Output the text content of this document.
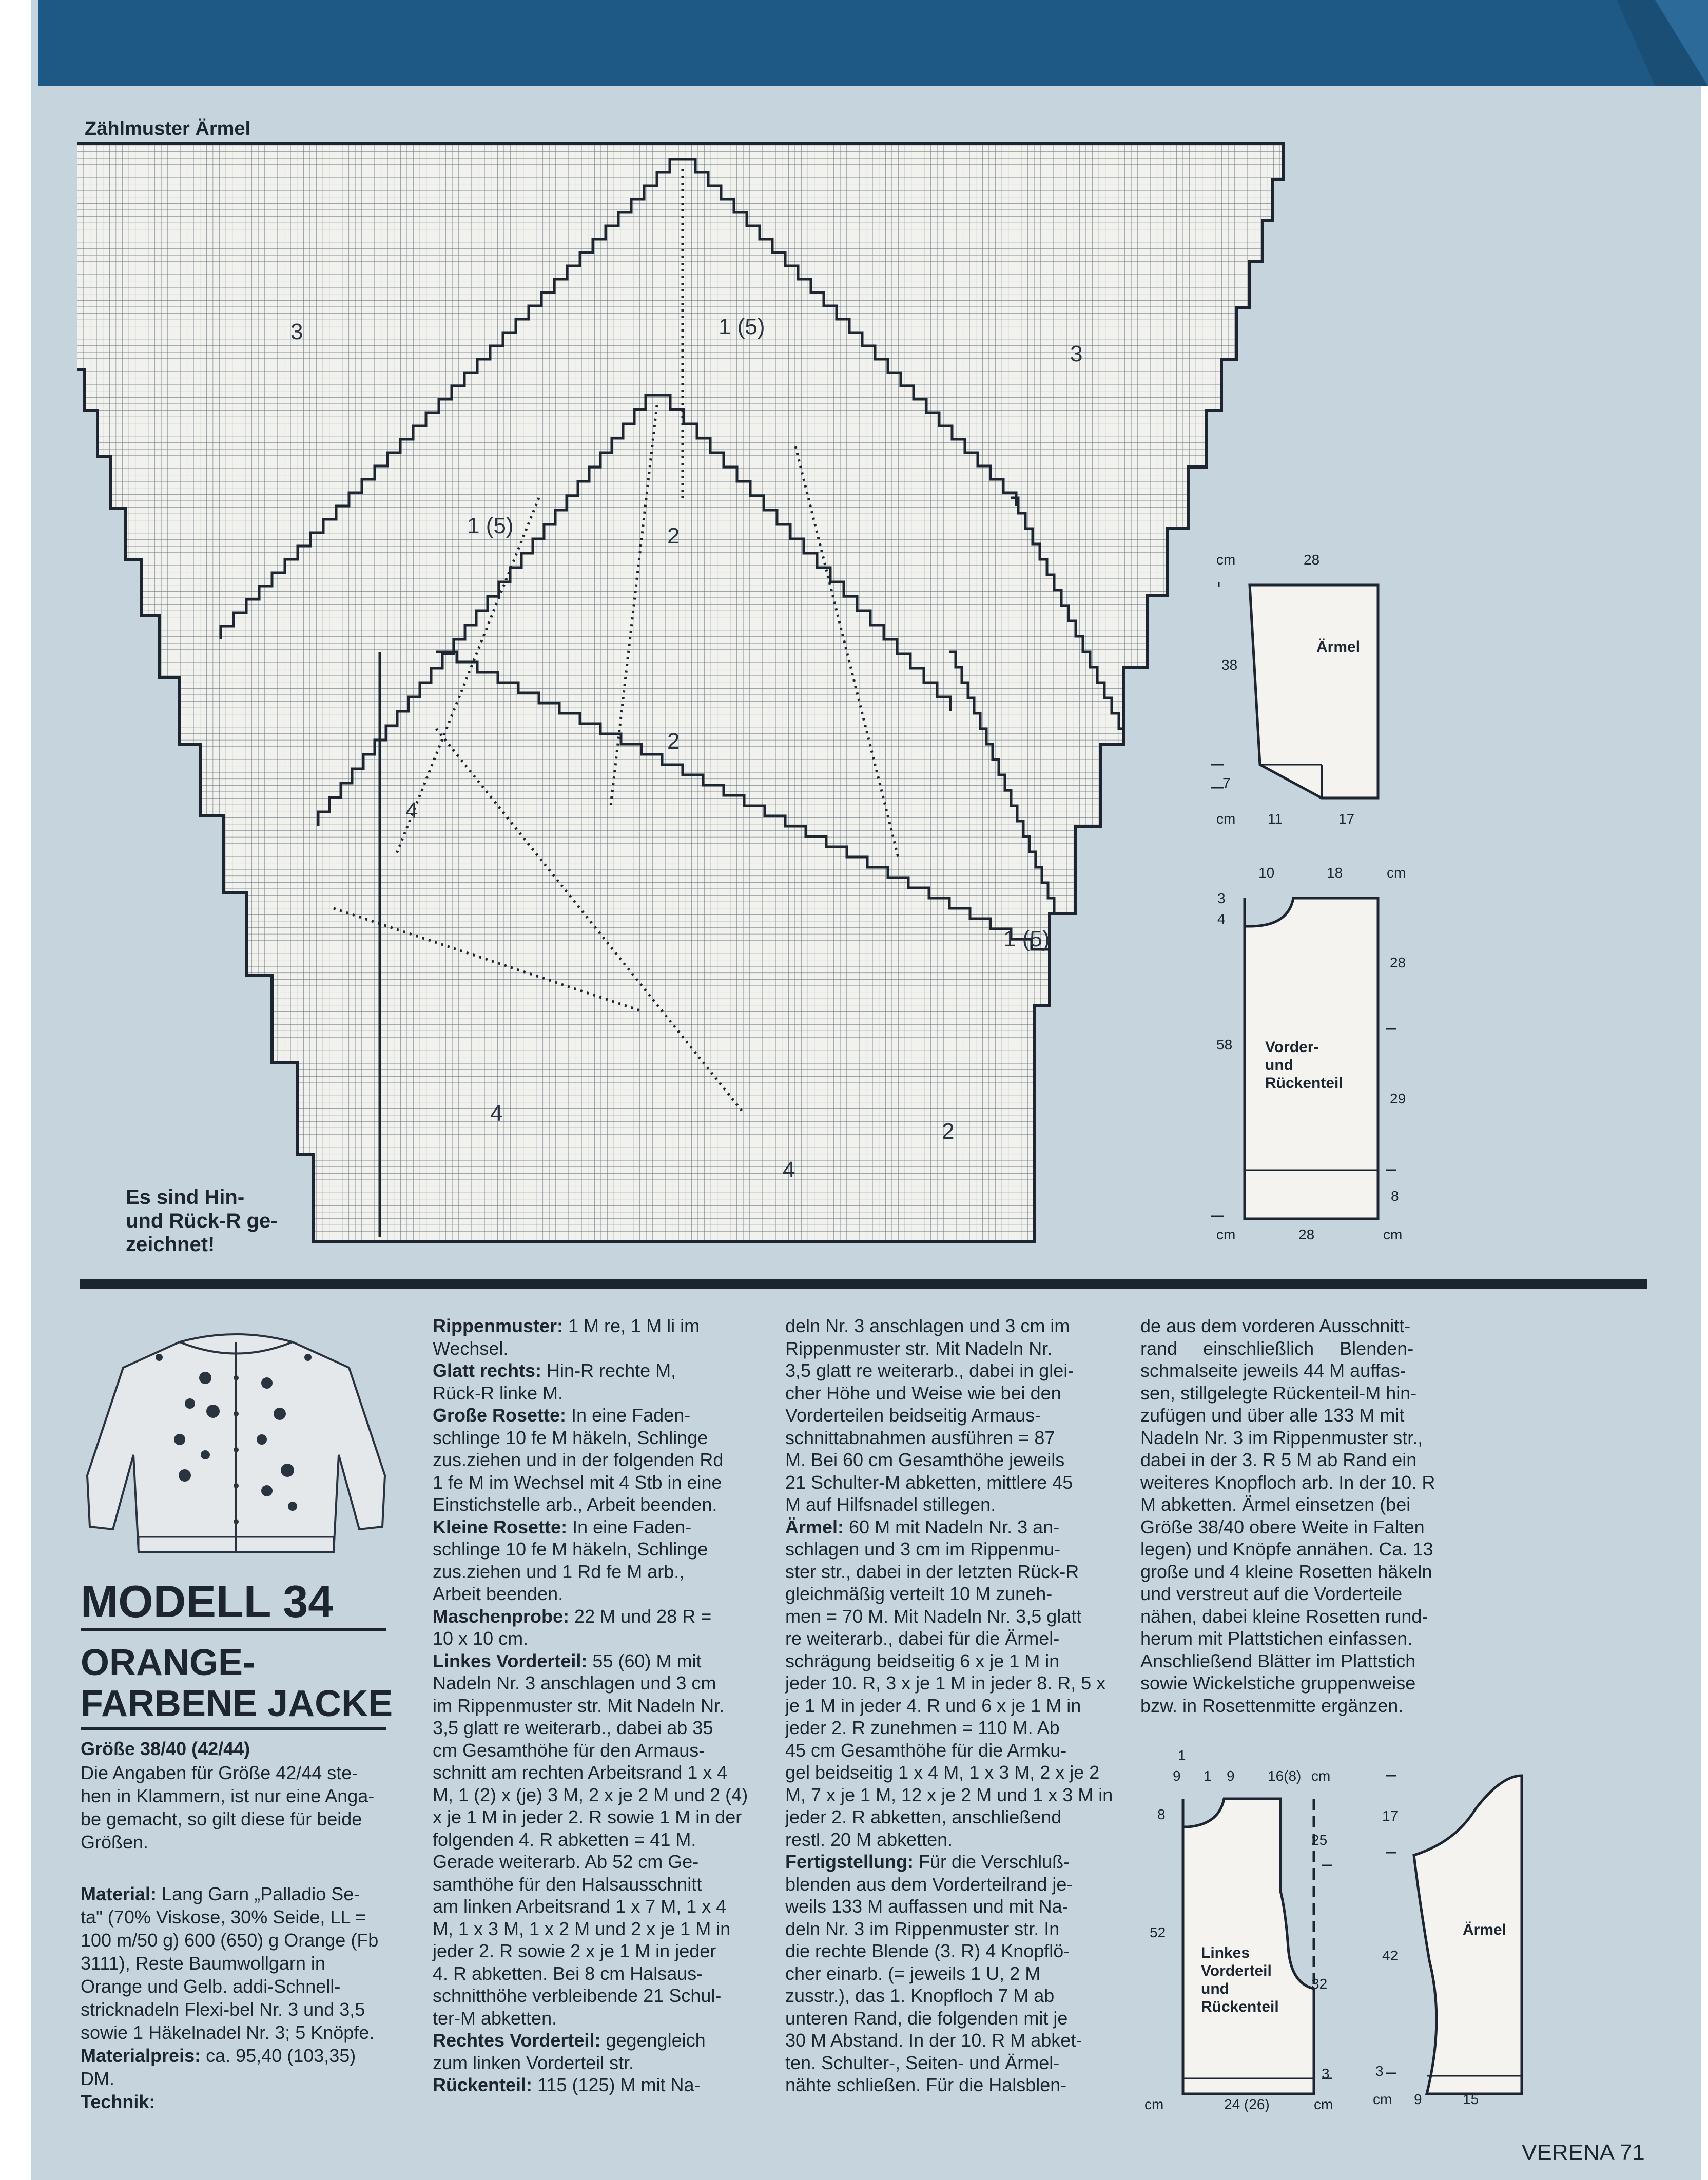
Zählmuster Ärmel
3	1 (5)
3
1 (5)	2
2
4
1 (5)
4
4
2
Es sind Hin-
und Rück-R ge-
zeichnet!
cm	28
38
7
Ärmel
cm 11	17
10	18	cm
3
4
58
28
29
8
Vorder-
und
Rückenteil
cm	28	cm
MODELL 34
ORANGE-
FARBENE JACKE
Größe 38/40 (42/44)
Die Angaben für Größe 42/44 ste-
hen in Klammern, ist nur eine Anga-
be gemacht, so gilt diese für beide
Größen.
Material: Lang Garn „Palladio Se-
ta" (70% Viskose, 30% Seide, LL =
100 m/50 g) 600 (650) g Orange (Fb
3111), Reste Baumwollgarn in
Orange und Gelb. addi-Schnell-
stricknadeln Flexi-bel Nr. 3 und 3,5
sowie 1 Häkelnadel Nr. 3; 5 Knöpfe.
Materialpreis: ca. 95,40 (103,35)
DM.
Technik:
Rippenmuster: 1 M re, 1 M li im
Wechsel.
Glatt rechts: Hin-R rechte M,
Rück-R linke M.
Große Rosette: In eine Faden-
schlinge 10 fe M häkeln, Schlinge
zus.ziehen und in der folgenden Rd
1 fe M im Wechsel mit 4 Stb in eine
Einstichstelle arb., Arbeit beenden.
Kleine Rosette: In eine Faden-
schlinge 10 fe M häkeln, Schlinge
zus.ziehen und 1 Rd fe M arb.,
Arbeit beenden.
Maschenprobe: 22 M und 28 R =
10 x 10 cm.
Linkes Vorderteil: 55 (60) M mit
Nadeln Nr. 3 anschlagen und 3 cm
im Rippenmuster str. Mit Nadeln Nr.
3,5 glatt re weiterarb., dabei ab 35
cm Gesamthöhe für den Armaus-
schnitt am rechten Arbeitsrand 1 x 4
M, 1 (2) x (je) 3 M, 2 x je 2 M und 2 (4)
x je 1 M in jeder 2. R sowie 1 M in der
folgenden 4. R abketten = 41 M.
Gerade weiterarb. Ab 52 cm Ge-
samthöhe für den Halsausschnitt
am linken Arbeitsrand 1 x 7 M, 1 x 4
M, 1 x 3 M, 1 x 2 M und 2 x je 1 M in
jeder 2. R sowie 2 x je 1 M in jeder
4. R abketten. Bei 8 cm Halsaus-
schnitthöhe verbleibende 21 Schul-
ter-M abketten.
Rechtes Vorderteil: gegengleich
zum linken Vorderteil str.
Rückenteil: 115 (125) M mit Na-
deln Nr. 3 anschlagen und 3 cm im
Rippenmuster str. Mit Nadeln Nr.
3,5 glatt re weiterarb., dabei in glei-
cher Höhe und Weise wie bei den
Vorderteilen beidseitig Armaus-
schnittabnahmen ausführen = 87
M. Bei 60 cm Gesamthöhe jeweils
21 Schulter-M abketten, mittlere 45
M auf Hilfsnadel stillegen.
Ärmel: 60 M mit Nadeln Nr. 3 an-
schlagen und 3 cm im Rippenmu-
ster str., dabei in der letzten Rück-R
gleichmäßig verteilt 10 M zuneh-
men = 70 M. Mit Nadeln Nr. 3,5 glatt
re weiterarb., dabei für die Ärmel-
schrägung beidseitig 6 x je 1 M in
jeder 10. R, 3 x je 1 M in jeder 8. R, 5 x
je 1 M in jeder 4. R und 6 x je 1 M in
jeder 2. R zunehmen = 110 M. Ab
45 cm Gesamthöhe für die Armku-
gel beidseitig 1 x 4 M, 1 x 3 M, 2 x je 2
M, 7 x je 1 M, 12 x je 2 M und 1 x 3 M in
jeder 2. R abketten, anschließend
restl. 20 M abketten.
Fertigstellung: Für die Verschluß-
blenden aus dem Vorderteilrand je-
weils 133 M auffassen und mit Na-
deln Nr. 3 im Rippenmuster str. In
die rechte Blende (3. R) 4 Knopflö-
cher einarb. (= jeweils 1 U, 2 M
zusstr.), das 1. Knopfloch 7 M ab
unteren Rand, die folgenden mit je
30 M Abstand. In der 10. R M abket-
ten. Schulter-, Seiten- und Ärmel-
nähte schließen. Für die Halsblen-
de aus dem vorderen Ausschnitt-
rand     einschließlich     Blenden-
schmalseite jeweils 44 M auffas-
sen, stillgelegte Rückenteil-M hin-
zufügen und über alle 133 M mit
Nadeln Nr. 3 im Rippenmuster str.,
dabei in der 3. R 5 M ab Rand ein
weiteres Knopfloch arb. In der 10. R
M abketten. Ärmel einsetzen (bei
Größe 38/40 obere Weite in Falten
legen) und Knöpfe annähen. Ca. 13
große und 4 kleine Rosetten häkeln
und verstreut auf die Vorderteile
nähen, dabei kleine Rosetten rund-
herum mit Plattstichen einfassen.
Anschließend Blätter im Plattstich
sowie Wickelstiche gruppenweise
bzw. in Rosettenmitte ergänzen.
1
9 1 9 16(8) cm
8
25
52
32
3
Linkes
Vorderteil
und
Rückenteil
cm	24 (26)	cm
17
42
3
Ärmel
cm 9	15
VERENA 71
